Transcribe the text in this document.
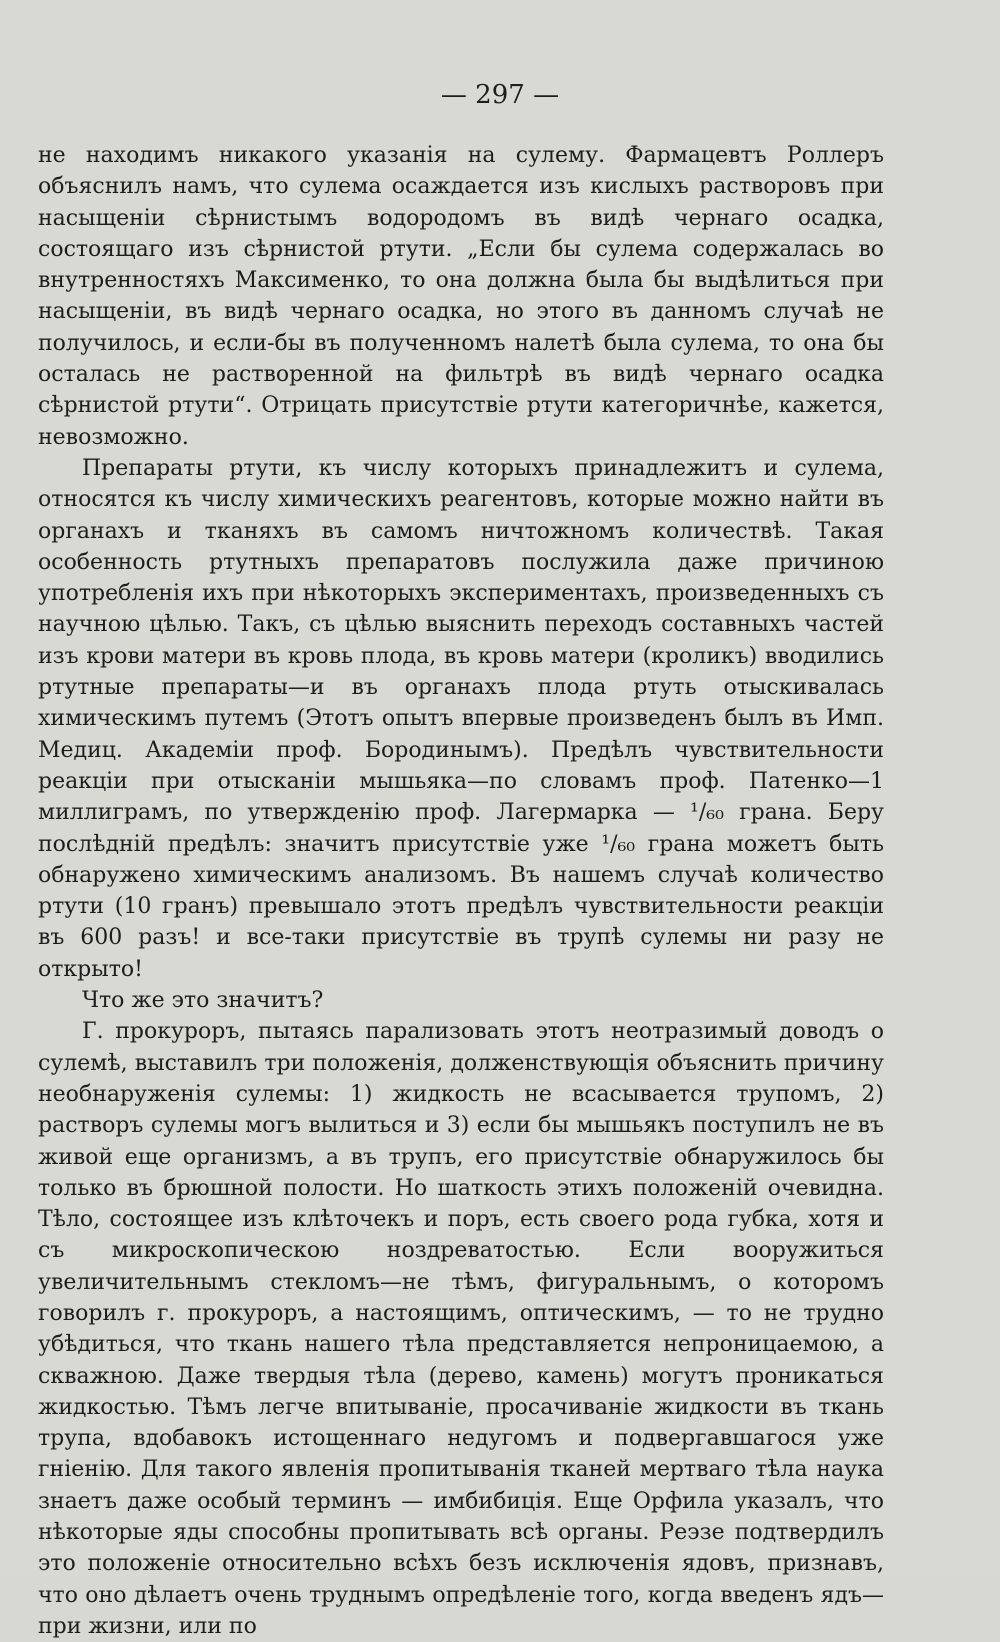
— 297 —

не находимъ никакого указанія на сулему. Фармацевтъ Роллеръ объяснилъ намъ, что сулема осаждается изъ кислыхъ растворовъ при насыщеніи сѣрнистымъ водородомъ въ видѣ чернаго осадка, состоящаго изъ сѣрнистой ртути. „Если бы сулема содержалась во внутренностяхъ Максименко, то она должна была бы выдѣлиться при насыщеніи, въ видѣ чернаго осадка, но этого въ данномъ случаѣ не получилось, и если-бы въ полученномъ налетѣ была сулема, то она бы осталась не растворенной на фильтрѣ въ видѣ чернаго осадка сѣрнистой ртути“. Отрицать присутствіе ртути категоричнѣе, кажется, невозможно.

Препараты ртути, къ числу которыхъ принадлежитъ и сулема, относятся къ числу химическихъ реагентовъ, которые можно найти въ органахъ и тканяхъ въ самомъ ничтожномъ количествѣ. Такая особенность ртутныхъ препаратовъ послужила даже причиною употребленія ихъ при нѣкоторыхъ экспериментахъ, произведенныхъ съ научною цѣлью. Такъ, съ цѣлью выяснить переходъ составныхъ частей изъ крови матери въ кровь плода, въ кровь матери (кроликъ) вводились ртутные препараты—и въ органахъ плода ртуть отыскивалась химическимъ путемъ (Этотъ опытъ впервые произведенъ былъ въ Имп. Медиц. Академіи проф. Бородинымъ). Предѣлъ чувствительности реакціи при отысканіи мышьяка—по словамъ проф. Патенко—1 миллиграмъ, по утвержденію проф. Лагермарка — ¹/₆₀ грана. Беру послѣдній предѣлъ: значитъ присутствіе уже ¹/₆₀ грана можетъ быть обнаружено химическимъ анализомъ. Въ нашемъ случаѣ количество ртути (10 гранъ) превышало этотъ предѣлъ чувствительности реакціи въ 600 разъ! и все-таки присутствіе въ трупѣ сулемы ни разу не открыто!

Что же это значитъ?

Г. прокуроръ, пытаясь парализовать этотъ неотразимый доводъ о сулемѣ, выставилъ три положенія, долженствующія объяснить причину необнаруженія сулемы: 1) жидкость не всасывается трупомъ, 2) растворъ сулемы могъ вылиться и 3) если бы мышьякъ поступилъ не въ живой еще организмъ, а въ трупъ, его присутствіе обнаружилось бы только въ брюшной полости. Но шаткость этихъ положеній очевидна. Тѣло, состоящее изъ клѣточекъ и поръ, есть своего рода губка, хотя и съ микроскопическою ноздреватостью. Если вооружиться увеличительнымъ стекломъ—не тѣмъ, фигуральнымъ, о которомъ говорилъ г. прокуроръ, а настоящимъ, оптическимъ, — то не трудно убѣдиться, что ткань нашего тѣла представляется непроницаемою, а скважною. Даже твердыя тѣла (дерево, камень) могутъ проникаться жидкостью. Тѣмъ легче впитываніе, просачиваніе жидкости въ ткань трупа, вдобавокъ истощеннаго недугомъ и подвергавшагося уже гніенію. Для такого явленія пропитыванія тканей мертваго тѣла наука знаетъ даже особый терминъ — имбибиція. Еще Орфила указалъ, что нѣкоторые яды способны пропитывать всѣ органы. Реэзе подтвердилъ это положеніе относительно всѣхъ безъ исключенія ядовъ, признавъ, что оно дѣлаетъ очень труднымъ опредѣленіе того, когда введенъ ядъ—при жизни, или по
